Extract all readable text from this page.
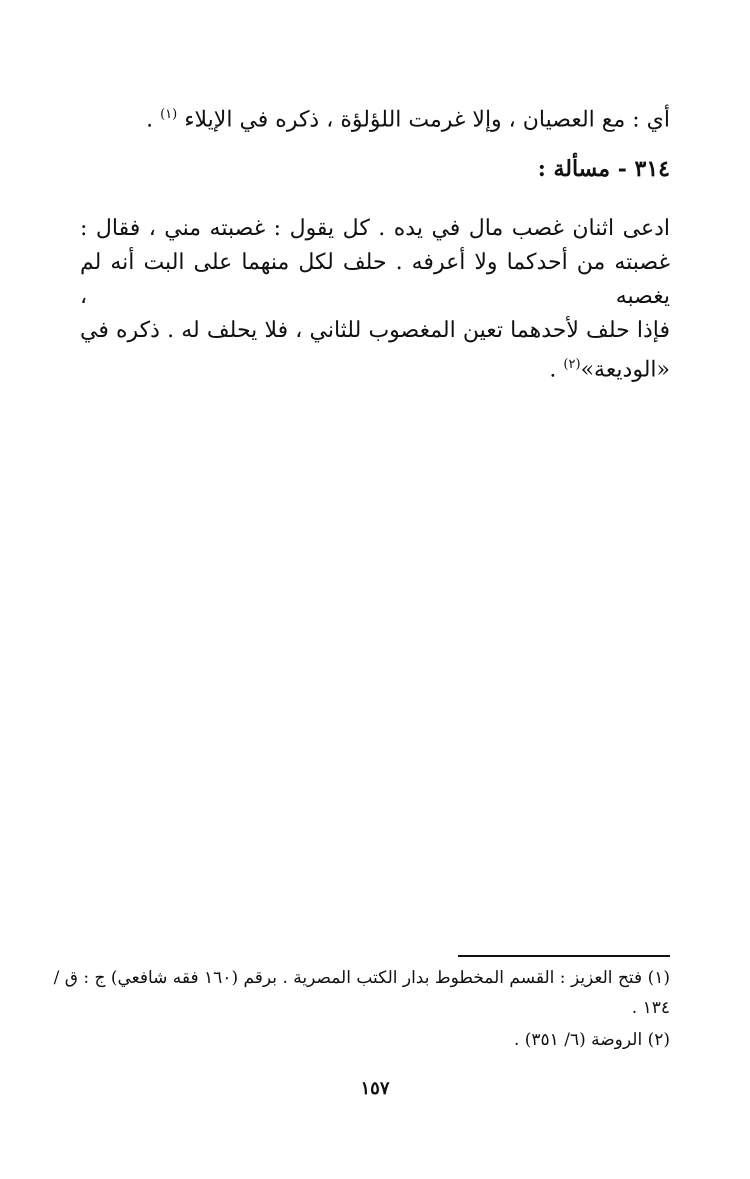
أي : مع العصيان ، وإلا غرمت اللؤلؤة ، ذكره في الإيلاء $^{(١)}$ .
٣١٤ - مسألة :
ادعى اثنان غصب مال في يده . كل يقول : غصبته مني ، فقال :
غصبته من أحدكما ولا أعرفه . حلف لكل منهما على البت أنه لم يغصبه ،
فإذا حلف لأحدهما تعين المغصوب للثاني ، فلا يحلف له . ذكره في
«الوديعة»$^{(٢)}$ .
(١) فتح العزيز : القسم المخطوط بدار الكتب المصرية . برقم (١٦٠ فقه شافعي) ج : ق /
١٣٤ .
(٢) الروضة (٦/ ٣٥١) .
١٥٧
